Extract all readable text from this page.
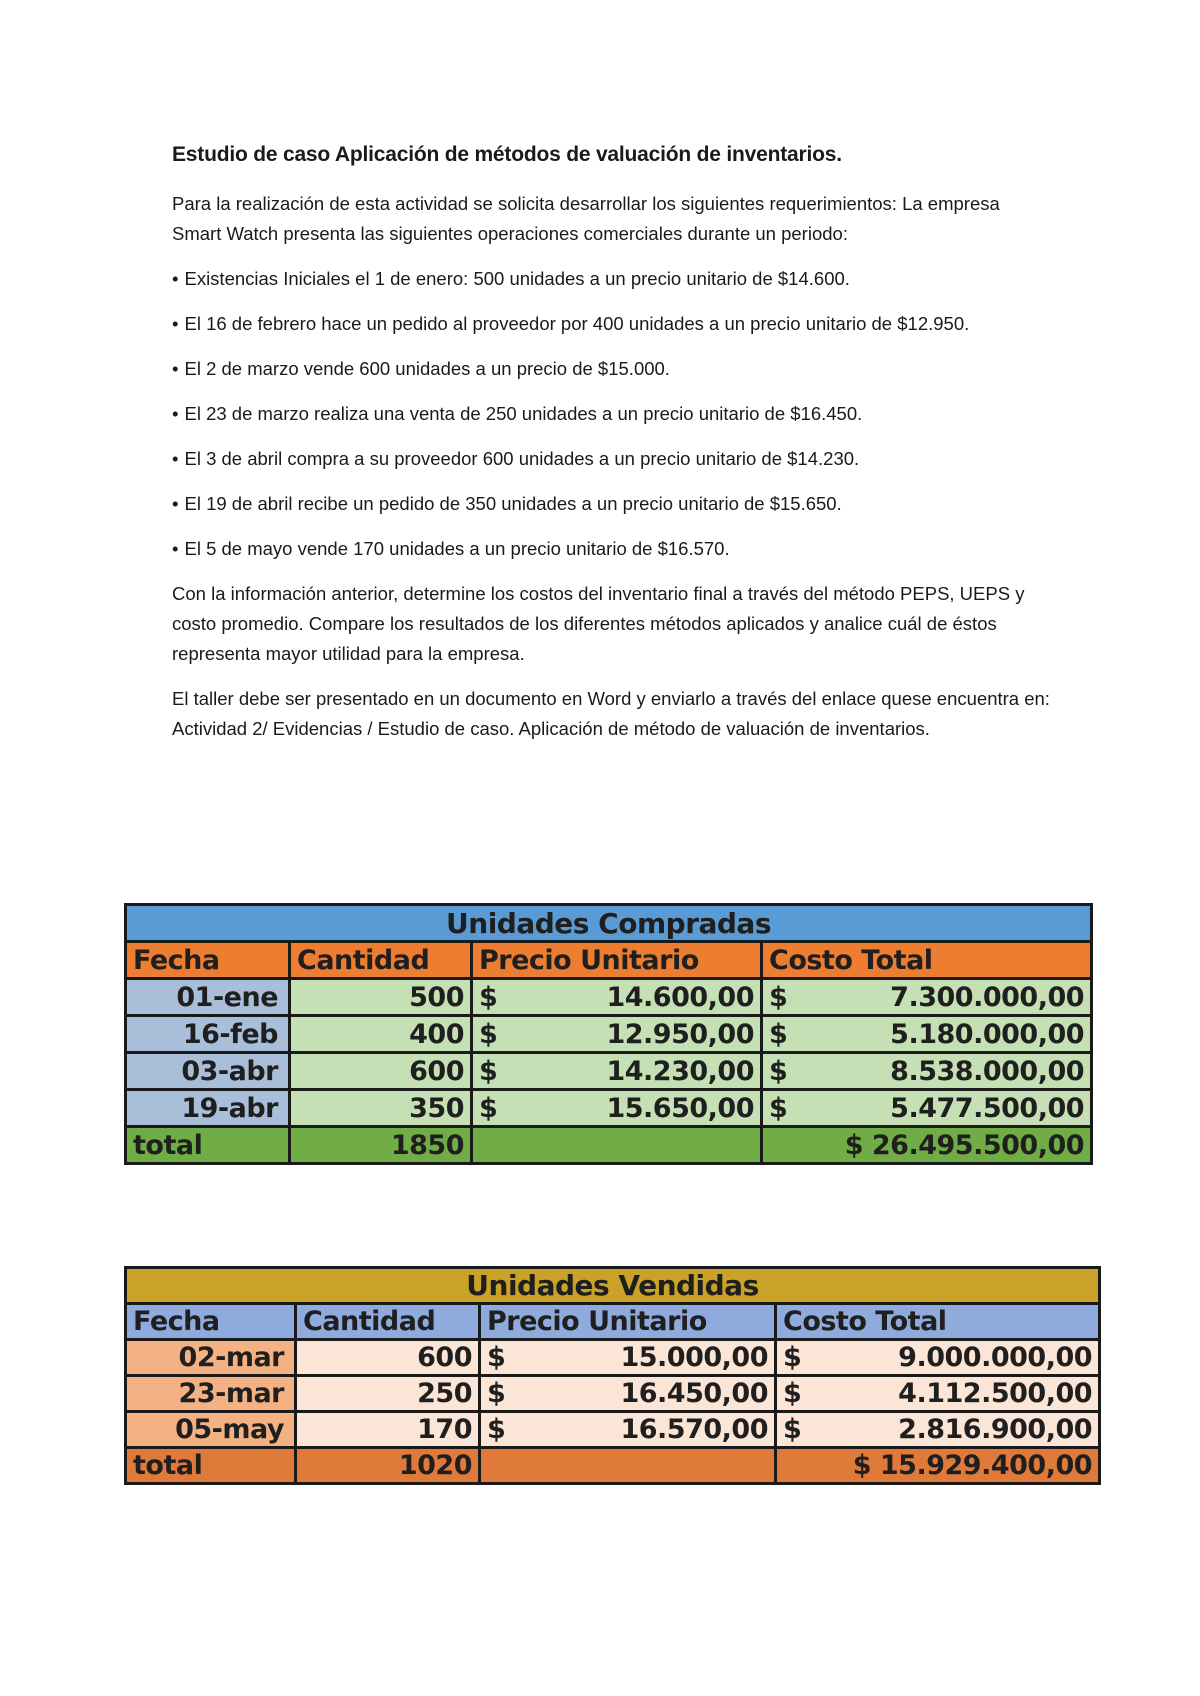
Estudio de caso Aplicación de métodos de valuación de inventarios.

Para la realización de esta actividad se solicita desarrollar los siguientes requerimientos: La empresa Smart Watch presenta las siguientes operaciones comerciales durante un periodo:

• Existencias Iniciales el 1 de enero: 500 unidades a un precio unitario de $14.600.

• El 16 de febrero hace un pedido al proveedor por 400 unidades a un precio unitario de $12.950.

• El 2 de marzo vende 600 unidades a un precio de $15.000.

• El 23 de marzo realiza una venta de 250 unidades a un precio unitario de $16.450.

• El 3 de abril compra a su proveedor 600 unidades a un precio unitario de $14.230.

• El 19 de abril recibe un pedido de 350 unidades a un precio unitario de $15.650.

• El 5 de mayo vende 170 unidades a un precio unitario de $16.570.

Con la información anterior, determine los costos del inventario final a través del método PEPS, UEPS y costo promedio. Compare los resultados de los diferentes métodos aplicados y analice cuál de éstos representa mayor utilidad para la empresa.

El taller debe ser presentado en un documento en Word y enviarlo a través del enlace quese encuentra en: Actividad 2/ Evidencias / Estudio de caso. Aplicación de método de valuación de inventarios.

Unidades Compradas			
Fecha	Cantidad	Precio Unitario	Costo Total
01-ene	500	$ 14.600,00	$ 7.300.000,00

16-feb	400	$ 12.950,00	$ 5.180.000,00

03-abr	600	$ 14.230,00	$ 8.538.000,00

19-abr	350	$ 15.650,00	$ 5.477.500,00

total	1850		$ 26.495.500,00
Unidades Vendidas			
Fecha	Cantidad	Precio Unitario	Costo Total
02-mar	600	$ 15.000,00	$ 9.000.000,00

23-mar	250	$ 16.450,00	$ 4.112.500,00

05-may	170	$ 16.570,00	$ 2.816.900,00

total	1020		$ 15.929.400,00
